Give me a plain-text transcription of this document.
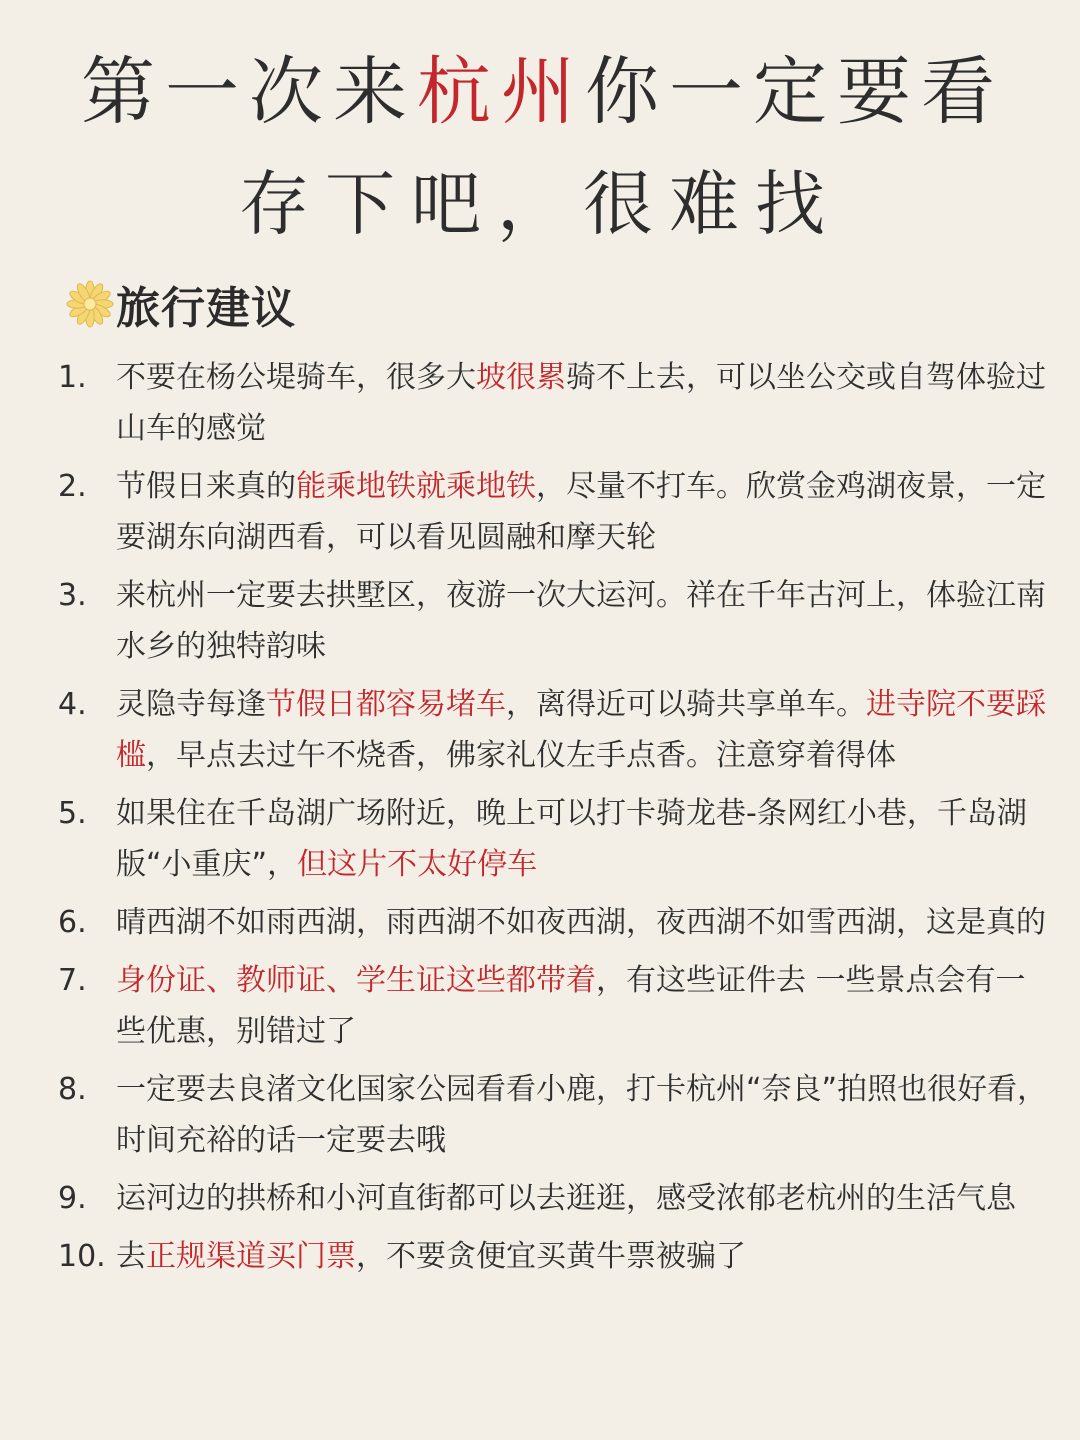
第一次来杭州你一定要看
存下吧，很难找
旅行建议
1. 不要在杨公堤骑车，很多大坡很累骑不上去，可以坐公交或自驾体验过山车的感觉
2. 节假日来真的能乘地铁就乘地铁，尽量不打车。欣赏金鸡湖夜景，一定要湖东向湖西看，可以看见圆融和摩天轮
3. 来杭州一定要去拱墅区，夜游一次大运河。祥在千年古河上，体验江南水乡的独特韵味
4. 灵隐寺每逢节假日都容易堵车，离得近可以骑共享单车。进寺院不要踩槛，早点去过午不烧香，佛家礼仪左手点香。注意穿着得体
5. 如果住在千岛湖广场附近，晚上可以打卡骑龙巷-条网红小巷，千岛湖版“小重庆”，但这片不太好停车
6. 晴西湖不如雨西湖，雨西湖不如夜西湖，夜西湖不如雪西湖，这是真的
7. 身份证、教师证、学生证这些都带着，有这些证件去 一些景点会有一些优惠，别错过了
8. 一定要去良渚文化国家公园看看小鹿，打卡杭州“奈良”拍照也很好看，时间充裕的话一定要去哦
9. 运河边的拱桥和小河直街都可以去逛逛，感受浓郁老杭州的生活气息
10. 去正规渠道买门票，不要贪便宜买黄牛票被骗了
